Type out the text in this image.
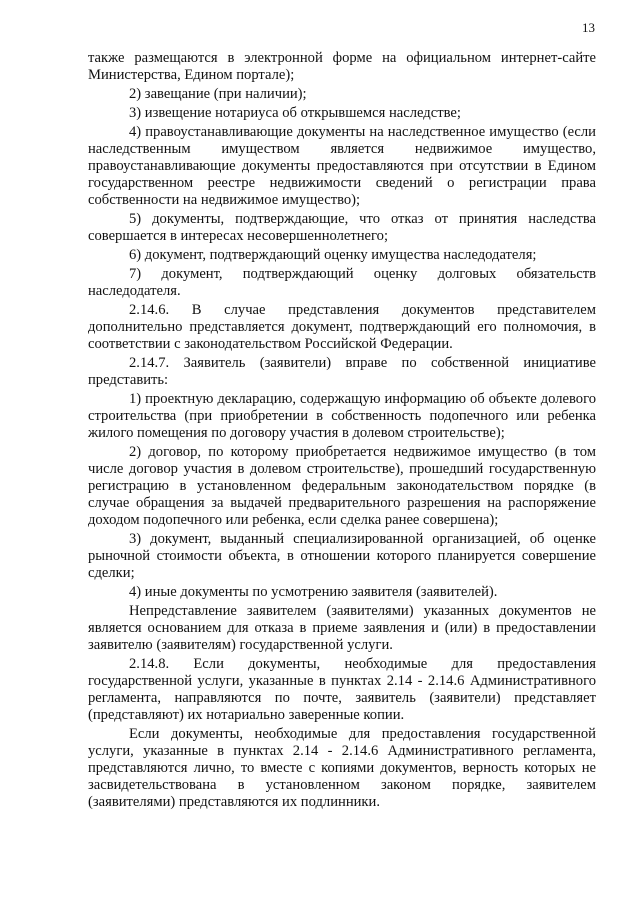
13

также размещаются в электронной форме на официальном интернет-сайте Министерства, Едином портале);

2) завещание (при наличии);

3) извещение нотариуса об открывшемся наследстве;

4) правоустанавливающие документы на наследственное имущество (если наследственным имуществом является недвижимое имущество, правоустанавливающие документы предоставляются при отсутствии в Едином государственном реестре недвижимости сведений о регистрации права собственности на недвижимое имущество);

5) документы, подтверждающие, что отказ от принятия наследства совершается в интересах несовершеннолетнего;

6) документ, подтверждающий оценку имущества наследодателя;

7) документ, подтверждающий оценку долговых обязательств наследодателя.

2.14.6. В случае представления документов представителем дополнительно представляется документ, подтверждающий его полномочия, в соответствии с законодательством Российской Федерации.

2.14.7. Заявитель (заявители) вправе по собственной инициативе представить:

1) проектную декларацию, содержащую информацию об объекте долевого строительства (при приобретении в собственность подопечного или ребенка жилого помещения по договору участия в долевом строительстве);

2) договор, по которому приобретается недвижимое имущество (в том числе договор участия в долевом строительстве), прошедший государственную регистрацию в установленном федеральным законодательством порядке (в случае обращения за выдачей предварительного разрешения на распоряжение доходом подопечного или ребенка, если сделка ранее совершена);

3) документ, выданный специализированной организацией, об оценке рыночной стоимости объекта, в отношении которого планируется совершение сделки;

4) иные документы по усмотрению заявителя (заявителей).

Непредставление заявителем (заявителями) указанных документов не является основанием для отказа в приеме заявления и (или) в предоставлении заявителю (заявителям) государственной услуги.

2.14.8. Если документы, необходимые для предоставления государственной услуги, указанные в пунктах 2.14 - 2.14.6 Административного регламента, направляются по почте, заявитель (заявители) представляет (представляют) их нотариально заверенные копии.

Если документы, необходимые для предоставления государственной услуги, указанные в пунктах 2.14 - 2.14.6 Административного регламента, представляются лично, то вместе с копиями документов, верность которых не засвидетельствована в установленном законом порядке, заявителем (заявителями) представляются их подлинники.
